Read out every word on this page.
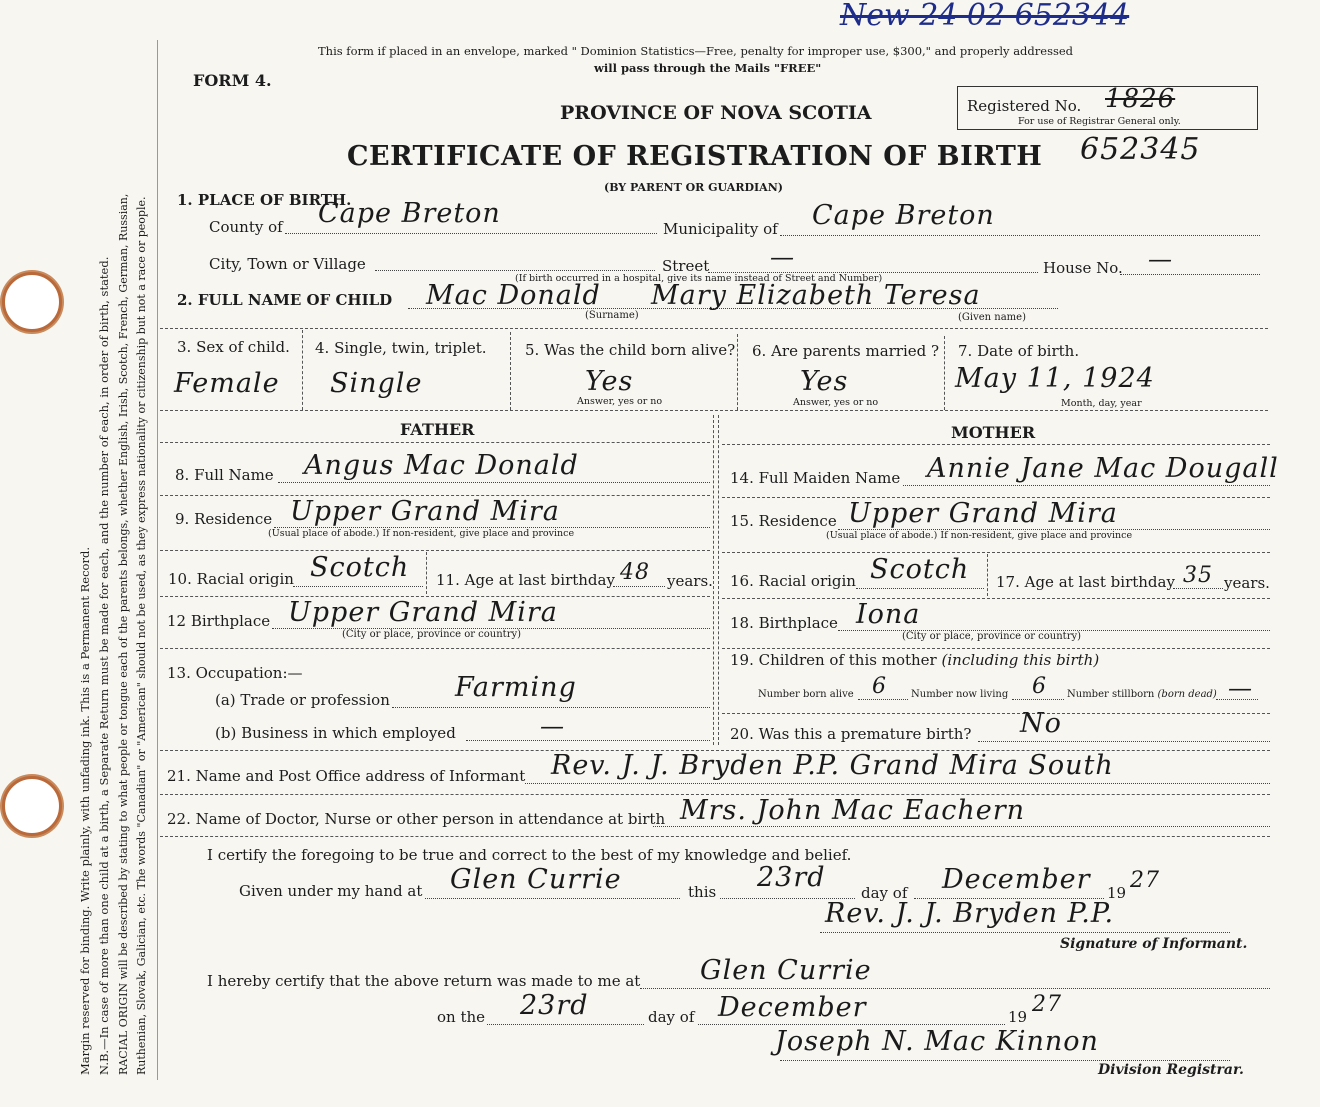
Margin reserved for binding. Write plainly, with unfading ink. This is a Permanent Record. N.B.—In case of more than one child at a birth, a Separate Return must be made for each, and the number of each, in order of birth, stated. RACIAL ORIGIN will be described by stating to what people or tongue each of the parents belongs, whether English, Irish, Scotch, French, German, Russian, Ruthenian, Slovak, Galician, etc. The words "Canadian" or "American" should not be used, as they express nationality or citizenship but not a race or people.
New 24 02 652344
This form if placed in an envelope, marked " Dominion Statistics—Free, penalty for improper use, $300," and properly addressed
will pass through the Mails "FREE"
FORM 4.
PROVINCE OF NOVA SCOTIA
CERTIFICATE OF REGISTRATION OF BIRTH
(BY PARENT OR GUARDIAN)
Registered No. 1826
For use of Registrar General only.
652345
1. PLACE OF BIRTH.
County of Cape Breton	Municipality of Cape Breton
City, Town or Village	Street	—	House No. —
(If birth occurred in a hospital, give its name instead of Street and Number)
2. FULL NAME OF CHILD Mac Donald Mary Elizabeth Teresa
(Surname)	(Given name)
3. Sex of child.
Female
4. Single, twin, triplet.
Single
5. Was the child born alive?
Yes
Answer, yes or no
6. Are parents married ?
Yes
Answer, yes or no
7. Date of birth.
May 11, 1924
Month, day, year
FATHER	MOTHER
8. Full Name Angus Mac Donald
9. Residence Upper Grand Mira
(Usual place of abode.) If non-resident, give place and province
10. Racial origin Scotch 11. Age at last birthday 48 years.
12 Birthplace Upper Grand Mira
(City or place, province or country)
13. Occupation:—
(a) Trade or profession Farming
(b) Business in which employed	—
14. Full Maiden Name Annie Jane Mac Dougall
15. Residence Upper Grand Mira
(Usual place of abode.) If non-resident, give place and province
16. Racial origin Scotch 17. Age at last birthday 35 years.
18. Birthplace Iona
(City or place, province or country)
19. Children of this mother (including this birth)
Number born alive 6 Number now living 6 Number stillborn (born dead) —
20. Was this a premature birth? No
21. Name and Post Office address of Informant Rev. J. J. Bryden P.P. Grand Mira South
22. Name of Doctor, Nurse or other person in attendance at birth Mrs. John Mac Eachern
I certify the foregoing to be true and correct to the best of my knowledge and belief.
Given under my hand at Glen Currie	this 23rd day of December 19 27
Rev. J. J. Bryden P.P.
Signature of Informant.
I hereby certify that the above return was made to me at Glen Currie
on the 23rd	day of December	19 27
Joseph N. Mac Kinnon
Division Registrar.
